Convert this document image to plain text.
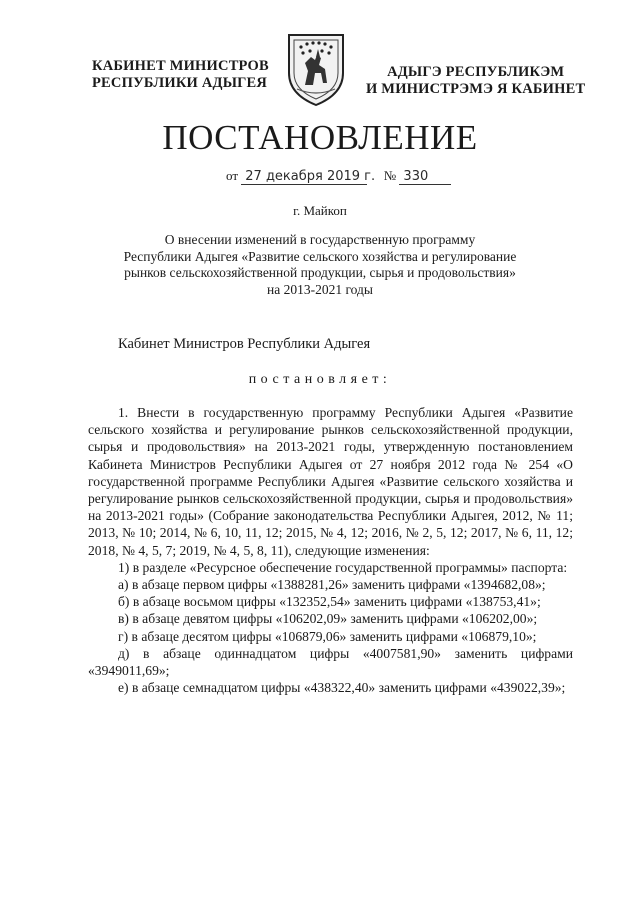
КАБИНЕТ МИНИСТРОВ
РЕСПУБЛИКИ АДЫГЕЯ
АДЫГЭ РЕСПУБЛИКЭМ
И МИНИСТРЭМЭ Я КАБИНЕТ
ПОСТАНОВЛЕНИЕ
от 27 декабря 2019 г. № 330
г. Майкоп
О внесении изменений в государственную программу
Республики Адыгея «Развитие сельского хозяйства и регулирование
рынков сельскохозяйственной продукции, сырья и продовольствия»
на 2013-2021 годы
Кабинет Министров Республики Адыгея
постановляет:

1. Внести в государственную программу Республики Адыгея «Развитие сельского хозяйства и регулирование рынков сельскохозяйственной продукции, сырья и продовольствия» на 2013-2021 годы, утвержденную постановлением Кабинета Министров Республики Адыгея от 27 ноября 2012 года № 254 «О государственной программе Республики Адыгея «Развитие сельского хозяйства и регулирование рынков сельскохозяйственной продукции, сырья и продовольствия» на 2013-2021 годы» (Собрание законодательства Республики Адыгея, 2012, № 11; 2013, № 10; 2014, № 6, 10, 11, 12; 2015, № 4, 12; 2016, № 2, 5, 12; 2017, № 6, 11, 12; 2018, № 4, 5, 7; 2019, № 4, 5, 8, 11), следующие изменения:

1) в разделе «Ресурсное обеспечение государственной программы» паспорта:

а) в абзаце первом цифры «1388281,26» заменить цифрами «1394682,08»;

б) в абзаце восьмом цифры «132352,54» заменить цифрами «138753,41»;

в) в абзаце девятом цифры «106202,09» заменить цифрами «106202,00»;

г) в абзаце десятом цифры «106879,06» заменить цифрами «106879,10»;

д) в абзаце одиннадцатом цифры «4007581,90» заменить цифрами «3949011,69»;

е) в абзаце семнадцатом цифры «438322,40» заменить цифрами «439022,39»;
